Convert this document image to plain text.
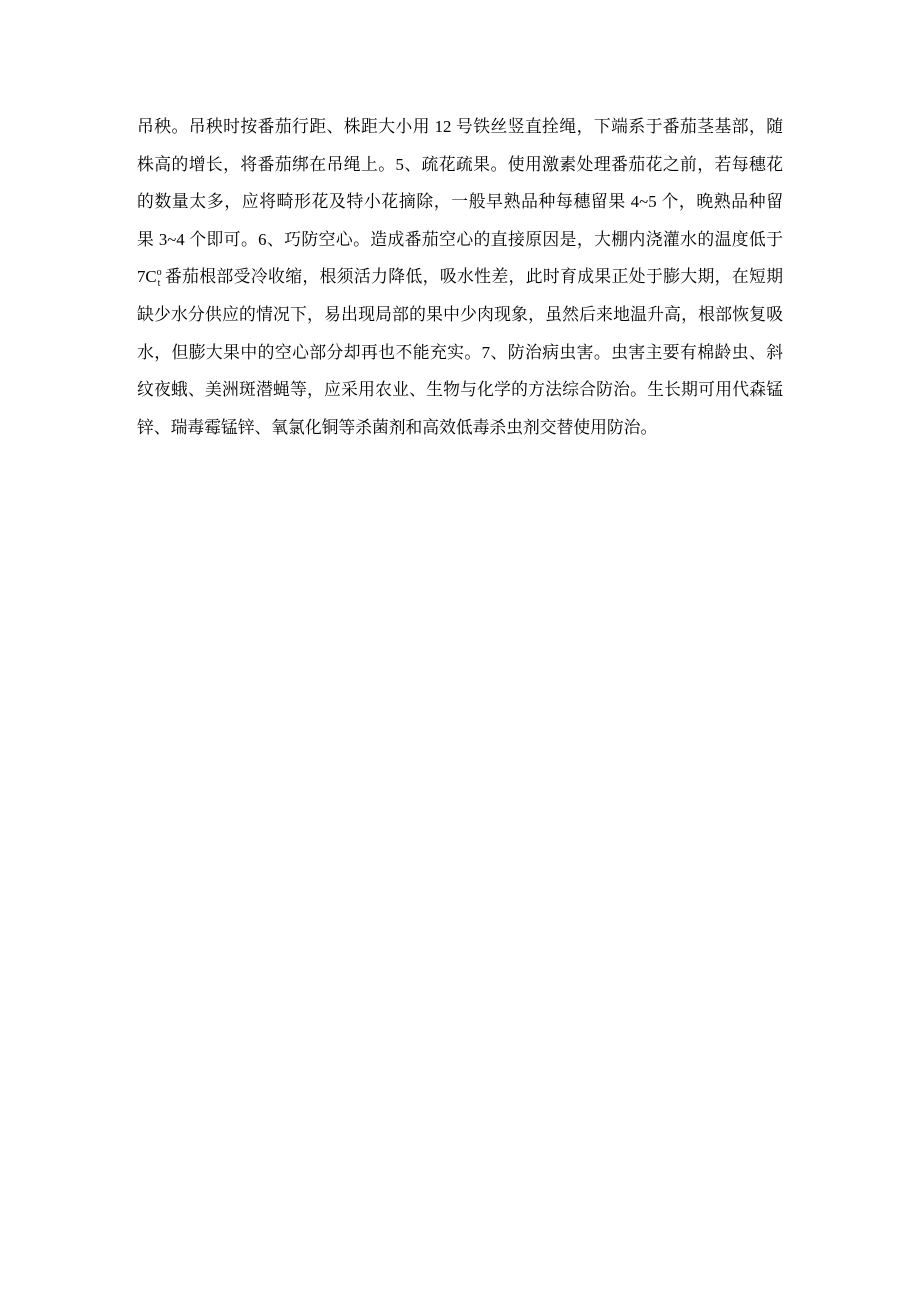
吊秧。吊秧时按番茄行距、株距大小用 12 号铁丝竖直拴绳，下端系于番茄茎基部，随
株高的增长，将番茄绑在吊绳上。5、疏花疏果。使用激素处理番茄花之前，若每穗花
的数量太多，应将畸形花及特小花摘除，一般早熟品种每穗留果 4~5 个，晚熟品种留
果 3~4 个即可。6、巧防空心。造成番茄空心的直接原因是，大棚内浇灌水的温度低于
$7C^o_t$ 番茄根部受冷收缩，根须活力降低，吸水性差，此时育成果正处于膨大期，在短期
缺少水分供应的情况下，易出现局部的果中少肉现象，虽然后来地温升高，根部恢复吸
水，但膨大果中的空心部分却再也不能充实。7、防治病虫害。虫害主要有棉龄虫、斜
纹夜蛾、美洲斑潜蝇等，应采用农业、生物与化学的方法综合防治。生长期可用代森锰
锌、瑞毒霉锰锌、氧氯化铜等杀菌剂和高效低毒杀虫剂交替使用防治。
